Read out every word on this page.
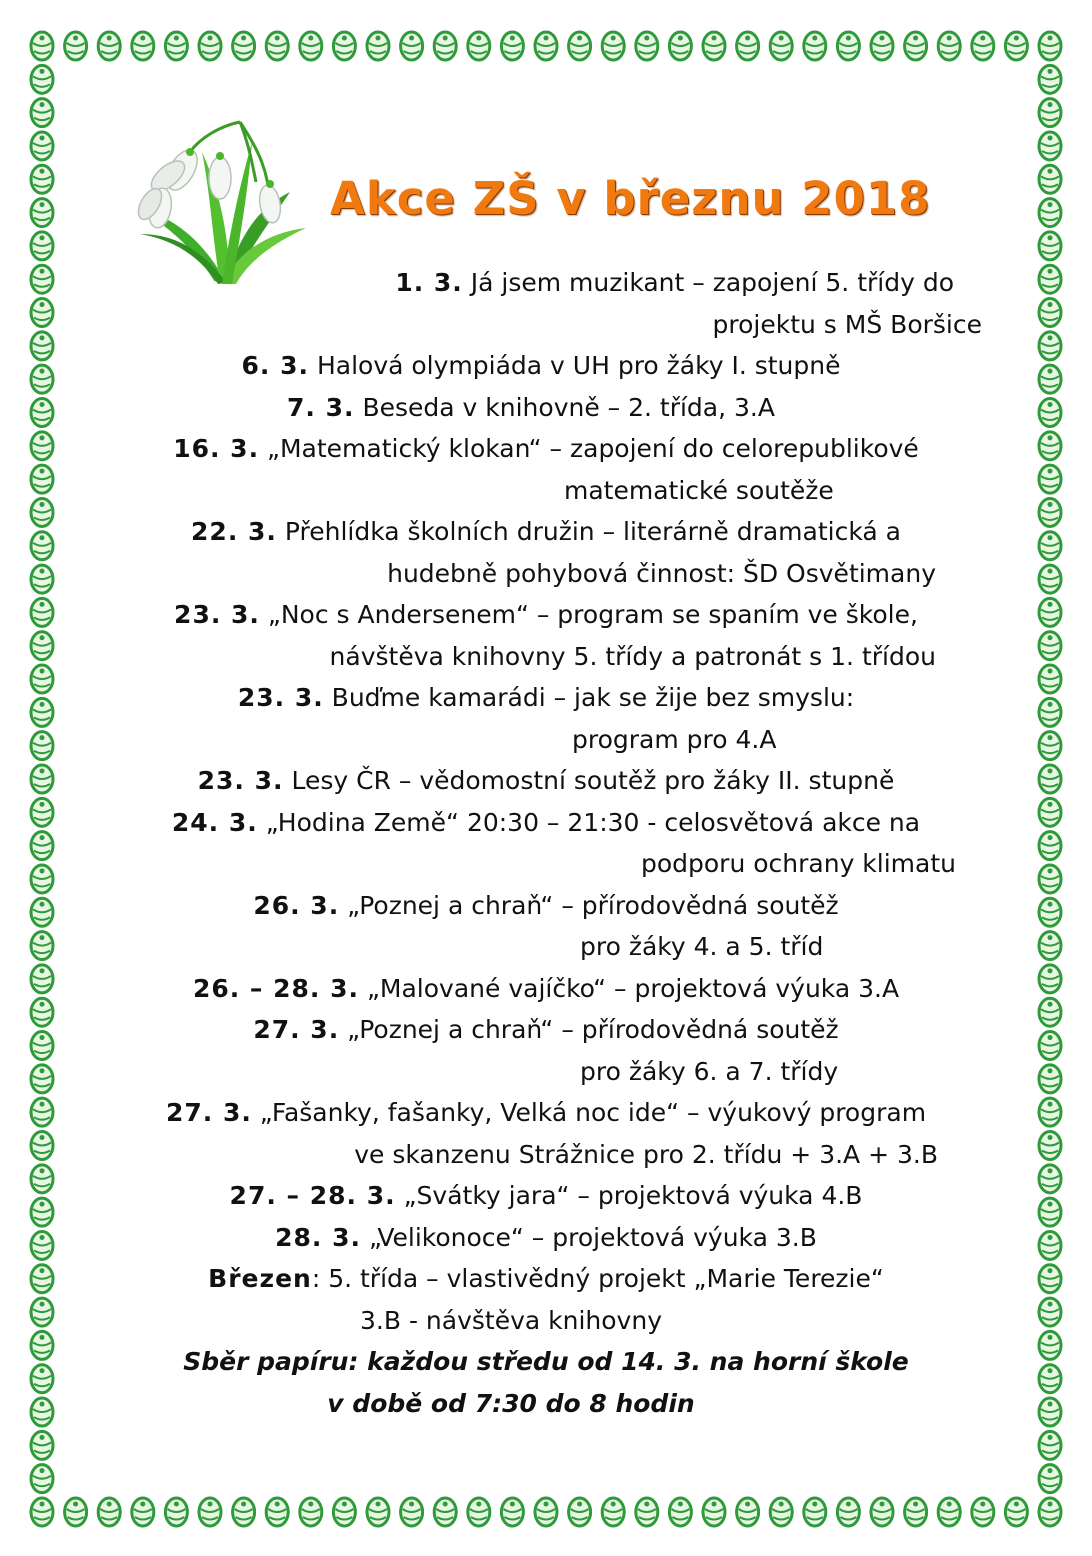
Akce ZŠ v březnu 2018
1. 3. Já jsem muzikant – zapojení 5. třídy do
projektu s MŠ Boršice
6. 3. Halová olympiáda v UH pro žáky I. stupně
7. 3. Beseda v knihovně – 2. třída, 3.A
16. 3. „Matematický klokan“ – zapojení do celorepublikové
matematické soutěže
22. 3. Přehlídka školních družin – literárně dramatická a
hudebně pohybová činnost: ŠD Osvětimany
23. 3. „Noc s Andersenem“ – program se spaním ve škole,
návštěva knihovny 5. třídy a patronát s 1. třídou
23. 3. Buďme kamarádi – jak se žije bez smyslu:
program pro 4.A
23. 3. Lesy ČR – vědomostní soutěž pro žáky II. stupně
24. 3. „Hodina Země“ 20:30 – 21:30 - celosvětová akce na
podporu ochrany klimatu
26. 3. „Poznej a chraň“ – přírodovědná soutěž
pro žáky 4. a 5. tříd
26. – 28. 3. „Malované vajíčko“ – projektová výuka 3.A
27. 3. „Poznej a chraň“ – přírodovědná soutěž
pro žáky 6. a 7. třídy
27. 3. „Fašanky, fašanky, Velká noc ide“ – výukový program
ve skanzenu Strážnice pro 2. třídu + 3.A + 3.B
27. – 28. 3. „Svátky jara“ – projektová výuka 4.B
28. 3. „Velikonoce“ – projektová výuka 3.B
Březen: 5. třída – vlastivědný projekt „Marie Terezie“
3.B - návštěva knihovny
Sběr papíru: každou středu od 14. 3. na horní škole
v době od 7:30 do 8 hodin
